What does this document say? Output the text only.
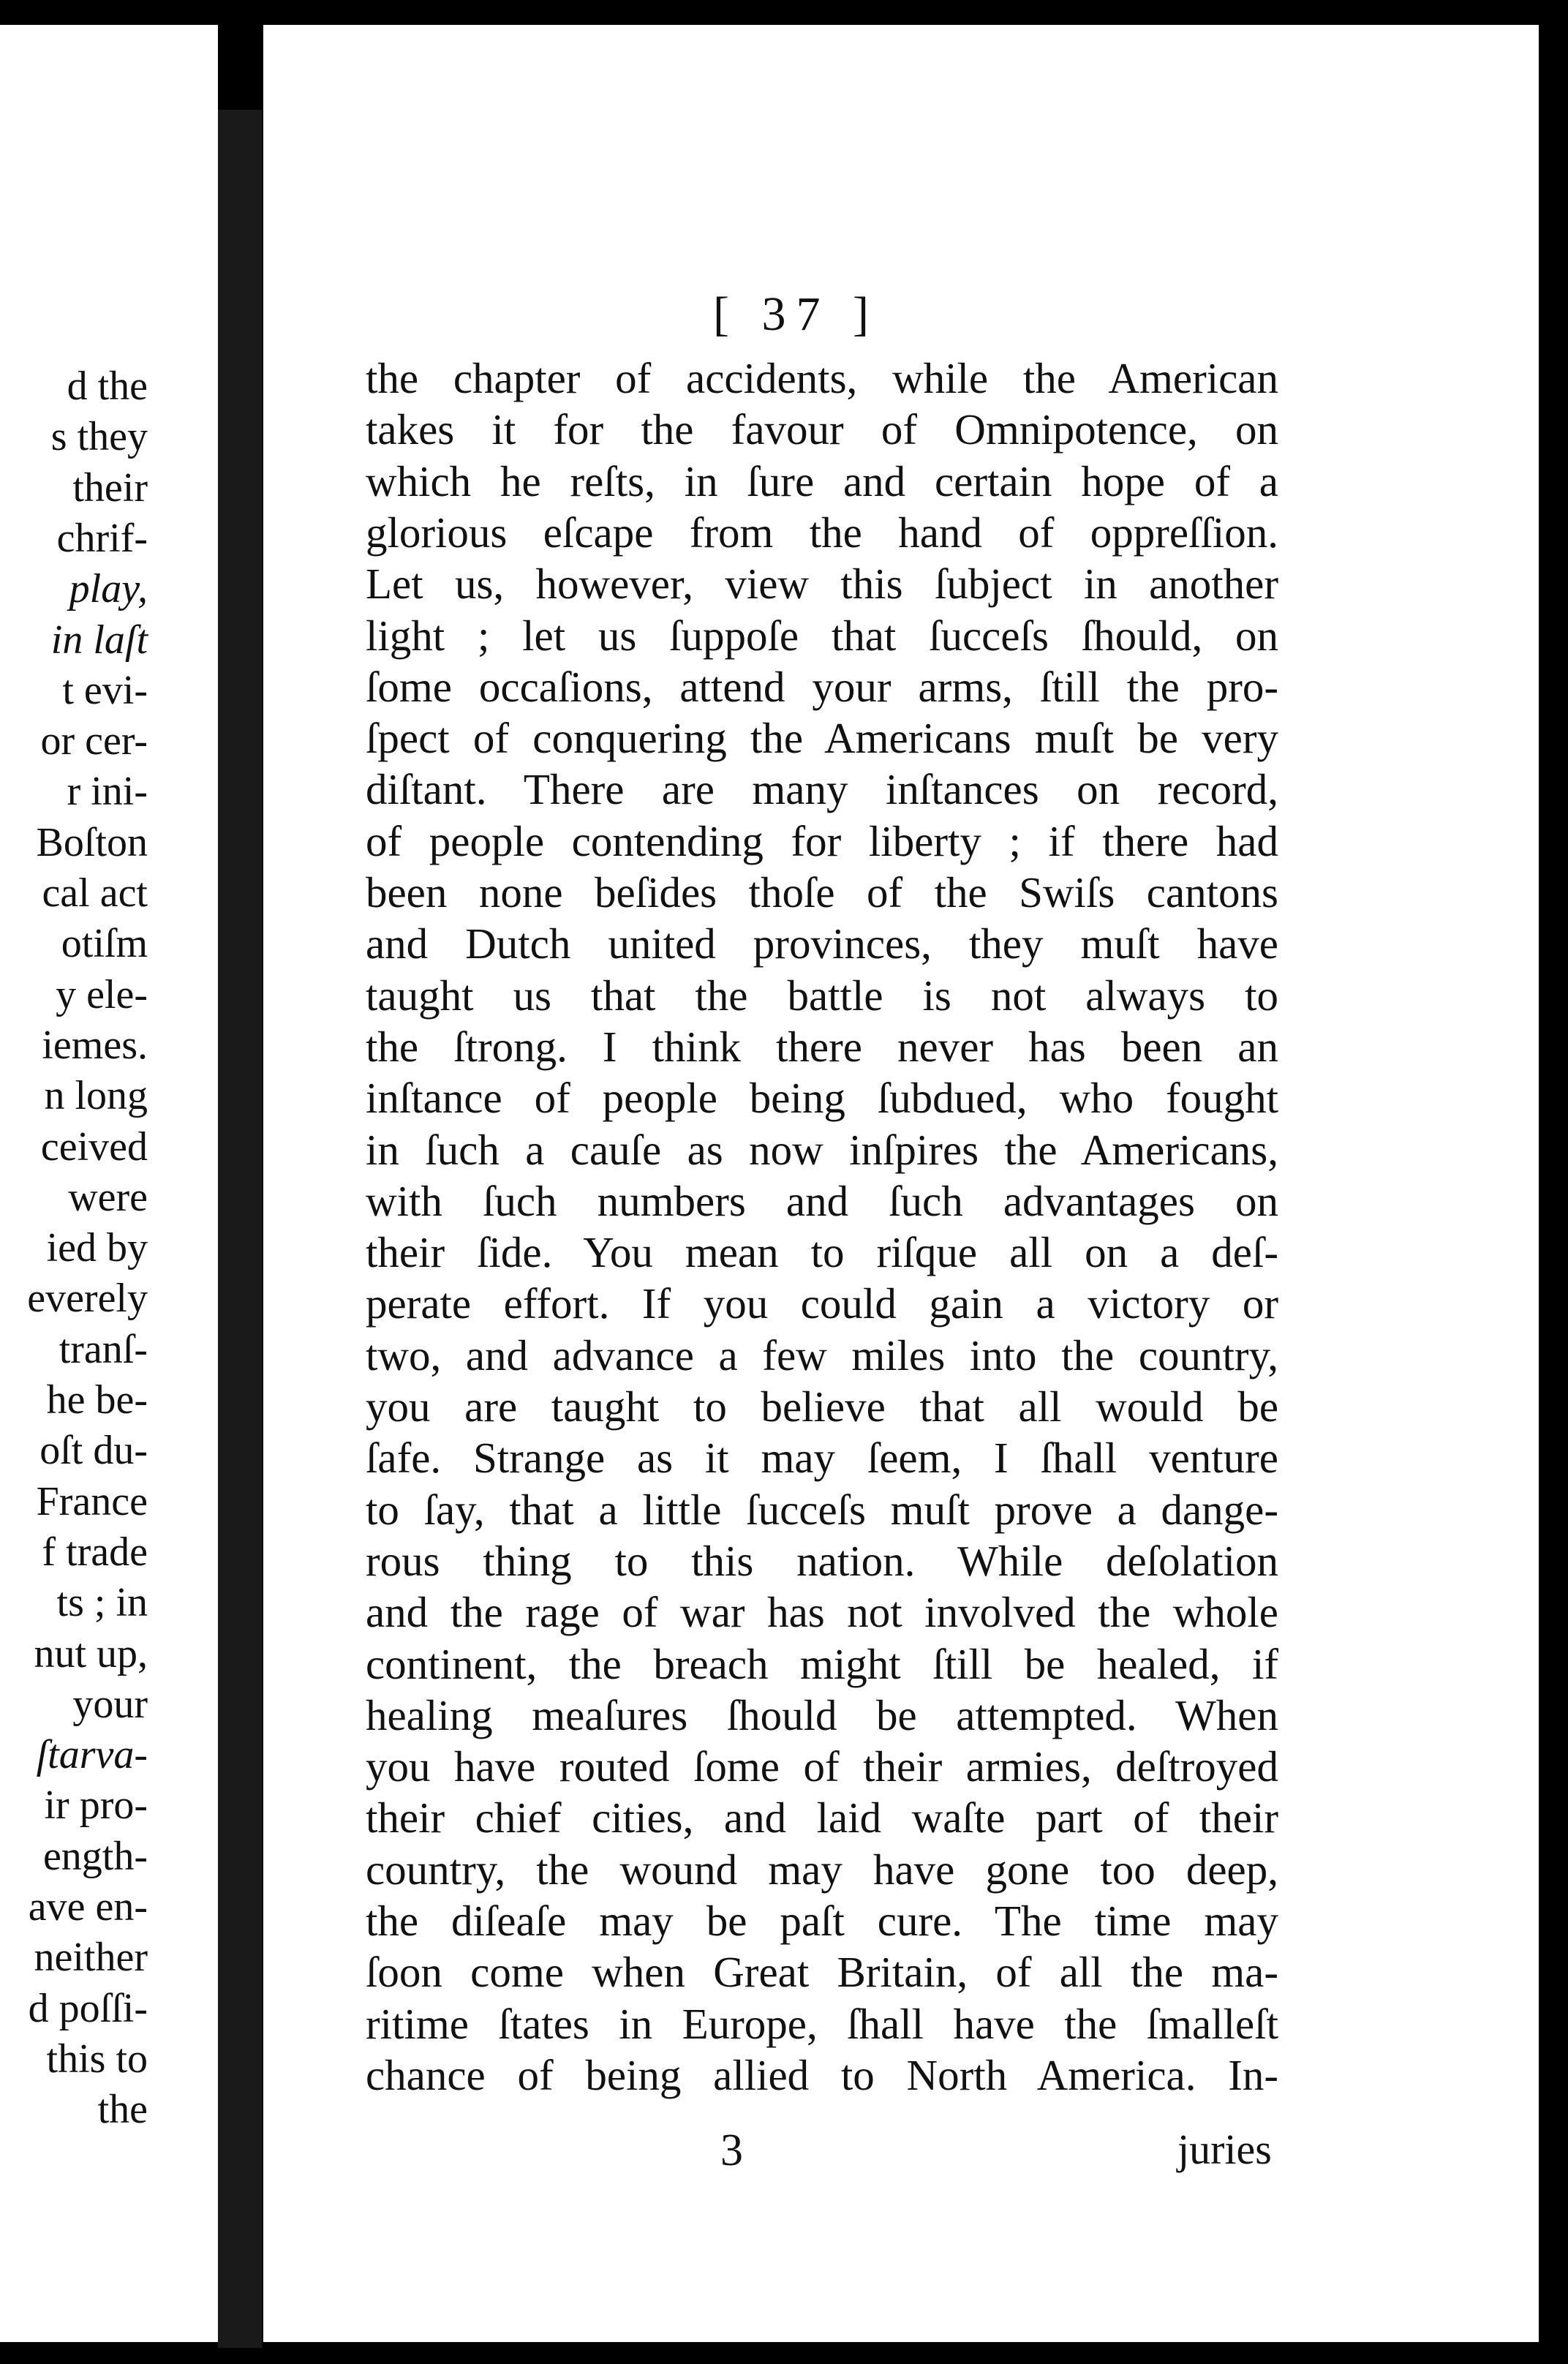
d the
s they
their
chrif-
play,
in laſt
t evi-
or cer-
r ini-
Boſton
cal act
otiſm
y ele-
iemes.
n long
ceived
were
ied by
everely
tranſ-
he be-
oſt du-
France
f trade
ts ; in
nut up,
your
ſtarva-
ir pro-
ength-
ave en-
neither
d poſſi-
this to
the
[ 37 ]
the chapter of accidents, while the American
takes it for the favour of Omnipotence, on
which he reſts, in ſure and certain hope of a
glorious eſcape from the hand of oppreſſion.
Let us, however, view this ſubject in another
light ; let us ſuppoſe that ſucceſs ſhould, on
ſome occaſions, attend your arms, ſtill the pro-
ſpect of conquering the Americans muſt be very
diſtant. There are many inſtances on record,
of people contending for liberty ; if there had
been none beſides thoſe of the Swiſs cantons
and Dutch united provinces, they muſt have
taught us that the battle is not always to
the ſtrong. I think there never has been an
inſtance of people being ſubdued, who fought
in ſuch a cauſe as now inſpires the Americans,
with ſuch numbers and ſuch advantages on
their ſide. You mean to riſque all on a deſ-
perate effort. If you could gain a victory or
two, and advance a few miles into the country,
you are taught to believe that all would be
ſafe. Strange as it may ſeem, I ſhall venture
to ſay, that a little ſucceſs muſt prove a dange-
rous thing to this nation. While deſolation
and the rage of war has not involved the whole
continent, the breach might ſtill be healed, if
healing meaſures ſhould be attempted. When
you have routed ſome of their armies, deſtroyed
their chief cities, and laid waſte part of their
country, the wound may have gone too deep,
the diſeaſe may be paſt cure. The time may
ſoon come when Great Britain, of all the ma-
ritime ſtates in Europe, ſhall have the ſmalleſt
chance of being allied to North America. In-
3	juries
